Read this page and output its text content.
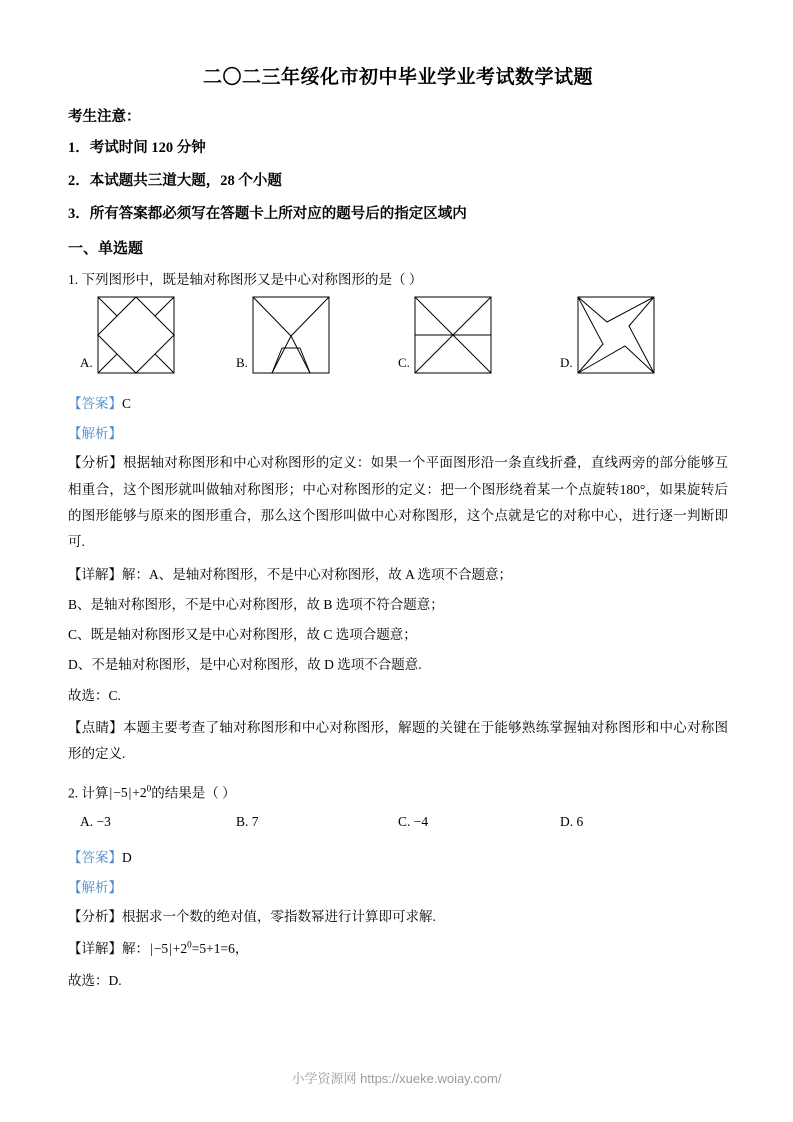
二〇二三年绥化市初中毕业学业考试数学试题
考生注意：
1．考试时间 120 分钟
2．本试题共三道大题，28 个小题
3．所有答案都必须写在答题卡上所对应的题号后的指定区域内
一、单选题
1. 下列图形中，既是轴对称图形又是中心对称图形的是（ ）
A.	B.	C.	D.
【答案】C
【解析】
【分析】根据轴对称图形和中心对称图形的定义：如果一个平面图形沿一条直线折叠，直线两旁的部分能够互相重合，这个图形就叫做轴对称图形；中心对称图形的定义：把一个图形绕着某一个点旋转180°，如果旋转后的图形能够与原来的图形重合，那么这个图形叫做中心对称图形，这个点就是它的对称中心，进行逐一判断即可.
【详解】解：A、是轴对称图形，不是中心对称图形，故 A 选项不合题意；
B、是轴对称图形，不是中心对称图形，故 B 选项不符合题意；
C、既是轴对称图形又是中心对称图形，故 C 选项合题意；
D、不是轴对称图形，是中心对称图形，故 D 选项不合题意.
故选：C.
【点睛】本题主要考查了轴对称图形和中心对称图形，解题的关键在于能够熟练掌握轴对称图形和中心对称图形的定义.
2. 计算$|-5|+2^0$的结果是（ ）
A. −3	B. 7	C. −4	D. 6
【答案】D
【解析】
【分析】根据求一个数的绝对值，零指数幂进行计算即可求解.
【详解】解：$|-5|+2^0=5+1=6$，
故选：D.
小学资源网 https://xueke.woiay.com/
